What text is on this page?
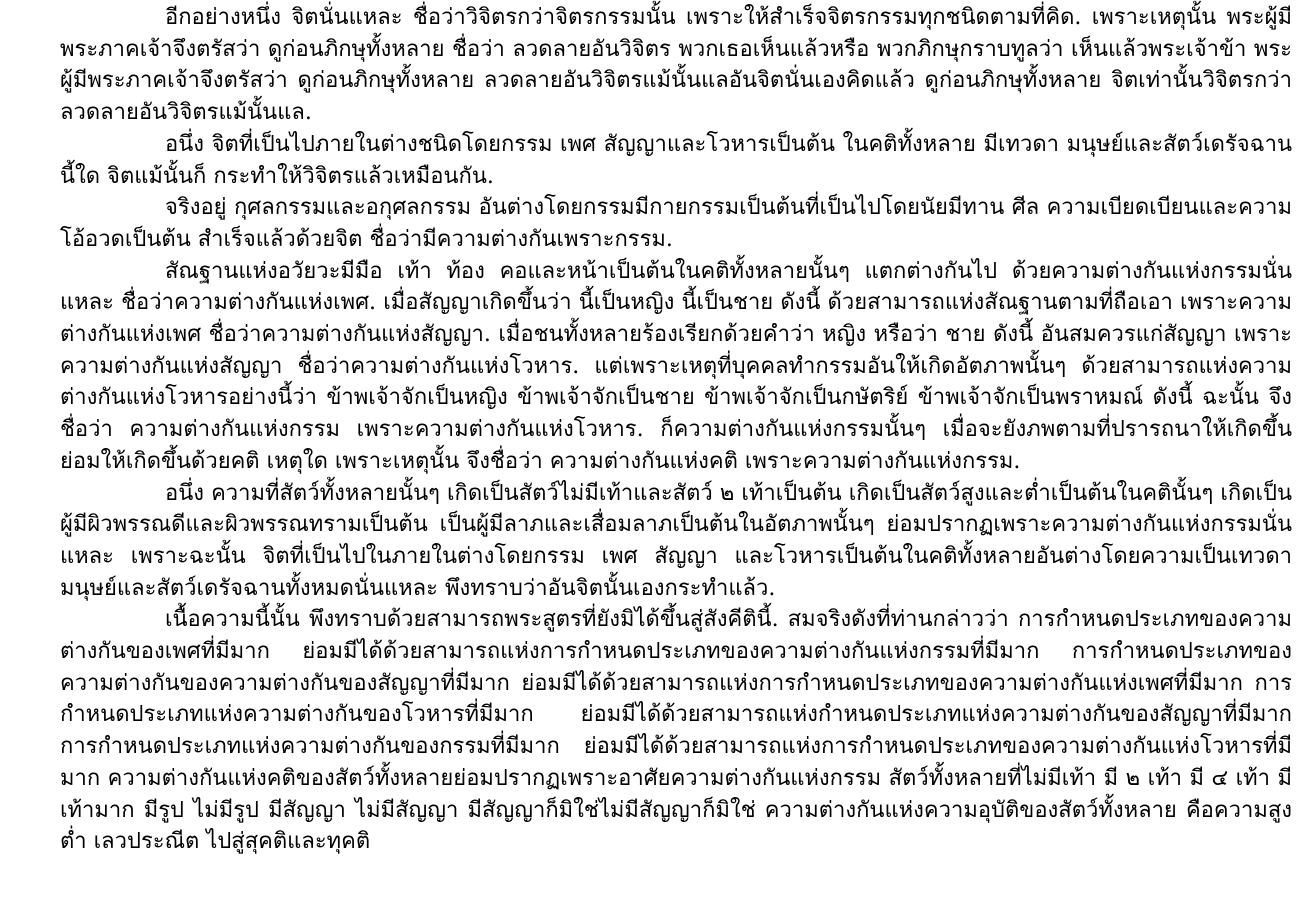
อีกอย่างหนึ่ง จิตนั่นแหละ ชื่อว่าวิจิตรกว่าจิตรกรรมนั้น เพราะให้สำเร็จจิตรกรรมทุกชนิดตามที่คิด. เพราะเหตุนั้น พระผู้มีพระภาคเจ้าจึงตรัสว่า ดูก่อนภิกษุทั้งหลาย ชื่อว่า ลวดลายอันวิจิตร พวกเธอเห็นแล้วหรือ พวกภิกษุกราบทูลว่า เห็นแล้วพระเจ้าข้า พระผู้มีพระภาคเจ้าจึงตรัสว่า ดูก่อนภิกษุทั้งหลาย ลวดลายอันวิจิตรแม้นั้นแลอันจิตนั่นเองคิดแล้ว ดูก่อนภิกษุทั้งหลาย จิตเท่านั้นวิจิตรกว่าลวดลายอันวิจิตรแม้นั้นแล.

อนึ่ง จิตที่เป็นไปภายในต่างชนิดโดยกรรม เพศ สัญญาและโวหารเป็นต้น ในคติทั้งหลาย มีเทวดา มนุษย์และสัตว์เดรัจฉานนี้ใด จิตแม้นั้นก็ กระทำให้วิจิตรแล้วเหมือนกัน.

จริงอยู่ กุศลกรรมและอกุศลกรรม อันต่างโดยกรรมมีกายกรรมเป็นต้นที่เป็นไปโดยนัยมีทาน ศีล ความเบียดเบียนและความโอ้อวดเป็นต้น สำเร็จแล้วด้วยจิต ชื่อว่ามีความต่างกันเพราะกรรม.

สัณฐานแห่งอวัยวะมีมือ เท้า ท้อง คอและหน้าเป็นต้นในคติทั้งหลายนั้นๆ แตกต่างกันไป ด้วยความต่างกันแห่งกรรมนั่นแหละ ชื่อว่าความต่างกันแห่งเพศ. เมื่อสัญญาเกิดขึ้นว่า นี้เป็นหญิง นี้เป็นชาย ดังนี้ ด้วยสามารถแห่งสัณฐานตามที่ถือเอา เพราะความต่างกันแห่งเพศ ชื่อว่าความต่างกันแห่งสัญญา. เมื่อชนทั้งหลายร้องเรียกด้วยคำว่า หญิง หรือว่า ชาย ดังนี้ อันสมควรแก่สัญญา เพราะความต่างกันแห่งสัญญา ชื่อว่าความต่างกันแห่งโวหาร. แต่เพราะเหตุที่บุคคลทำกรรมอันให้เกิดอัตภาพนั้นๆ ด้วยสามารถแห่งความต่างกันแห่งโวหารอย่างนี้ว่า ข้าพเจ้าจักเป็นหญิง ข้าพเจ้าจักเป็นชาย ข้าพเจ้าจักเป็นกษัตริย์ ข้าพเจ้าจักเป็นพราหมณ์ ดังนี้ ฉะนั้น จึงชื่อว่า ความต่างกันแห่งกรรม เพราะความต่างกันแห่งโวหาร. ก็ความต่างกันแห่งกรรมนั้นๆ เมื่อจะยังภพตามที่ปรารถนาให้เกิดขึ้น ย่อมให้เกิดขึ้นด้วยคติ เหตุใด เพราะเหตุนั้น จึงชื่อว่า ความต่างกันแห่งคติ เพราะความต่างกันแห่งกรรม.

อนึ่ง ความที่สัตว์ทั้งหลายนั้นๆ เกิดเป็นสัตว์ไม่มีเท้าและสัตว์ ๒ เท้าเป็นต้น เกิดเป็นสัตว์สูงและต่ำเป็นต้นในคตินั้นๆ เกิดเป็นผู้มีผิวพรรณดีและผิวพรรณทรามเป็นต้น เป็นผู้มีลาภและเสื่อมลาภเป็นต้นในอัตภาพนั้นๆ ย่อมปรากฏเพราะความต่างกันแห่งกรรมนั่นแหละ เพราะฉะนั้น จิตที่เป็นไปในภายในต่างโดยกรรม เพศ สัญญา และโวหารเป็นต้นในคติทั้งหลายอันต่างโดยความเป็นเทวดา มนุษย์และสัตว์เดรัจฉานทั้งหมดนั่นแหละ พึงทราบว่าอันจิตนั้นเองกระทำแล้ว.

เนื้อความนี้นั้น พึงทราบด้วยสามารถพระสูตรที่ยังมิได้ขึ้นสู่สังคีตินี้. สมจริงดังที่ท่านกล่าวว่า การกำหนดประเภทของความต่างกันของเพศที่มีมาก ย่อมมีได้ด้วยสามารถแห่งการกำหนดประเภทของความต่างกันแห่งกรรมที่มีมาก การกำหนดประเภทของความต่างกันของความต่างกันของสัญญาที่มีมาก ย่อมมีได้ด้วยสามารถแห่งการกำหนดประเภทของความต่างกันแห่งเพศที่มีมาก การกำหนดประเภทแห่งความต่างกันของโวหารที่มีมาก ย่อมมีได้ด้วยสามารถแห่งกำหนดประเภทแห่งความต่างกันของสัญญาที่มีมาก การกำหนดประเภทแห่งความต่างกันของกรรมที่มีมาก ย่อมมีได้ด้วยสามารถแห่งการกำหนดประเภทของความต่างกันแห่งโวหารที่มีมาก ความต่างกันแห่งคติของสัตว์ทั้งหลายย่อมปรากฏเพราะอาศัยความต่างกันแห่งกรรม สัตว์ทั้งหลายที่ไม่มีเท้า มี ๒ เท้า มี ๔ เท้า มีเท้ามาก มีรูป ไม่มีรูป มีสัญญา ไม่มีสัญญา มีสัญญาก็มิใช่ไม่มีสัญญาก็มิใช่ ความต่างกันแห่งความอุบัติของสัตว์ทั้งหลาย คือความสูงต่ำ เลวประณีต ไปสู่สุคติและทุคติ
